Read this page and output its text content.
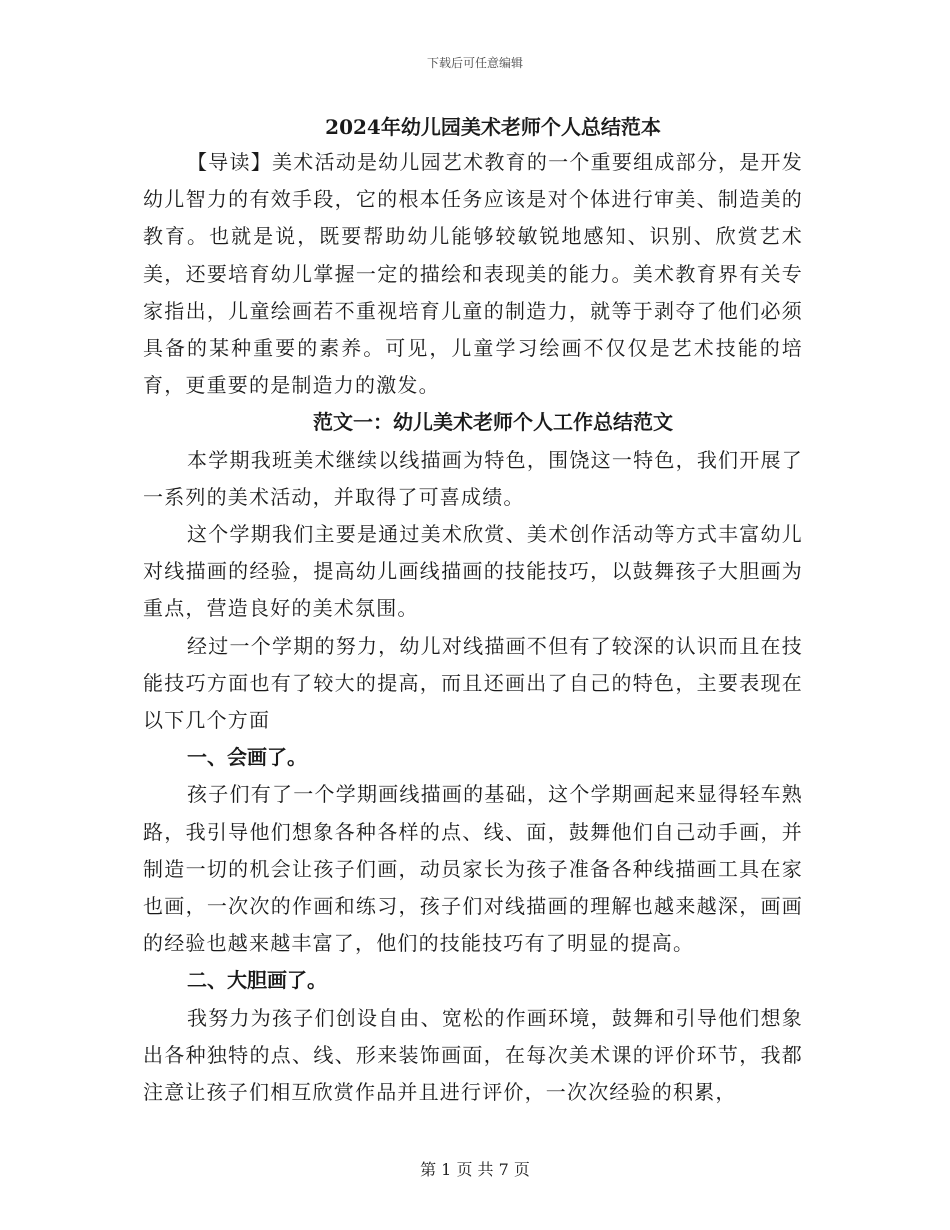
下载后可任意编辑
2024年幼儿园美术老师个人总结范本

【导读】美术活动是幼儿园艺术教育的一个重要组成部分，是开发幼儿智力的有效手段，它的根本任务应该是对个体进行审美、制造美的教育。也就是说，既要帮助幼儿能够较敏锐地感知、识别、欣赏艺术美，还要培育幼儿掌握一定的描绘和表现美的能力。美术教育界有关专家指出，儿童绘画若不重视培育儿童的制造力，就等于剥夺了他们必须具备的某种重要的素养。可见，儿童学习绘画不仅仅是艺术技能的培育，更重要的是制造力的激发。

范文一：幼儿美术老师个人工作总结范文

本学期我班美术继续以线描画为特色，围饶这一特色，我们开展了一系列的美术活动，并取得了可喜成绩。

这个学期我们主要是通过美术欣赏、美术创作活动等方式丰富幼儿对线描画的经验，提高幼儿画线描画的技能技巧，以鼓舞孩子大胆画为重点，营造良好的美术氛围。

经过一个学期的努力，幼儿对线描画不但有了较深的认识而且在技能技巧方面也有了较大的提高，而且还画出了自己的特色，主要表现在以下几个方面

一、会画了。

孩子们有了一个学期画线描画的基础，这个学期画起来显得轻车熟路，我引导他们想象各种各样的点、线、面，鼓舞他们自己动手画，并制造一切的机会让孩子们画，动员家长为孩子准备各种线描画工具在家也画，一次次的作画和练习，孩子们对线描画的理解也越来越深，画画的经验也越来越丰富了，他们的技能技巧有了明显的提高。

二、大胆画了。

我努力为孩子们创设自由、宽松的作画环境，鼓舞和引导他们想象出各种独特的点、线、形来装饰画面，在每次美术课的评价环节，我都注意让孩子们相互欣赏作品并且进行评价，一次次经验的积累，

第 1 页 共 7 页
